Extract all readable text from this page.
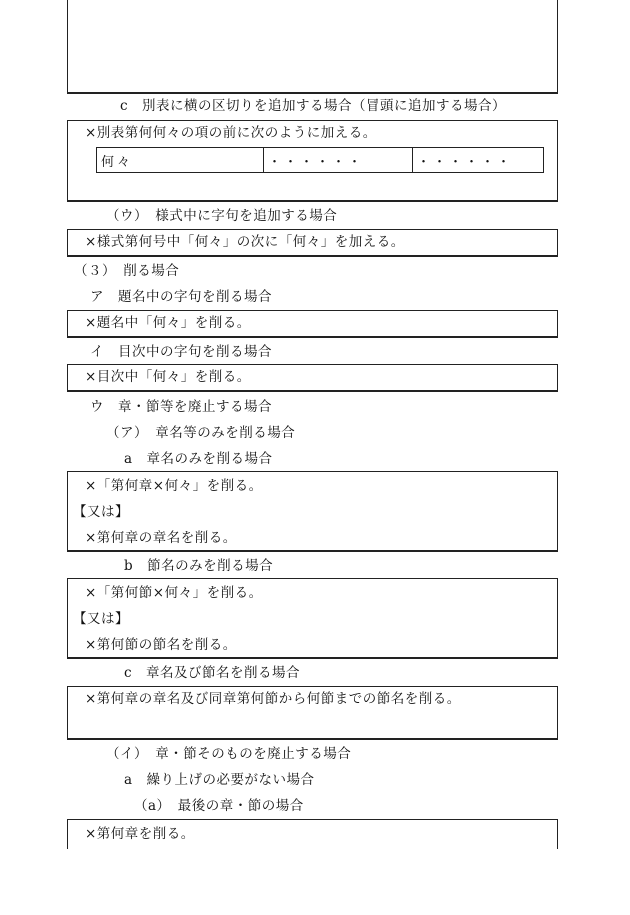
c　別表に横の区切りを追加する場合（冒頭に追加する場合）
×別表第何何々の項の前に次のように加える。
何々	・・・・・・	・・・・・・
（ウ）　様式中に字句を追加する場合
×様式第何号中「何々」の次に「何々」を加える。
（３）　削る場合
ア　題名中の字句を削る場合
×題名中「何々」を削る。
イ　目次中の字句を削る場合
×目次中「何々」を削る。
ウ　章・節等を廃止する場合
（ア）　章名等のみを削る場合
a　章名のみを削る場合
×「第何章×何々」を削る。
【又は】
×第何章の章名を削る。
b　節名のみを削る場合
×「第何節×何々」を削る。
【又は】
×第何節の節名を削る。
c　章名及び節名を削る場合
×第何章の章名及び同章第何節から何節までの節名を削る。
（イ）　章・節そのものを廃止する場合
a　繰り上げの必要がない場合
（a）　最後の章・節の場合
×第何章を削る。
